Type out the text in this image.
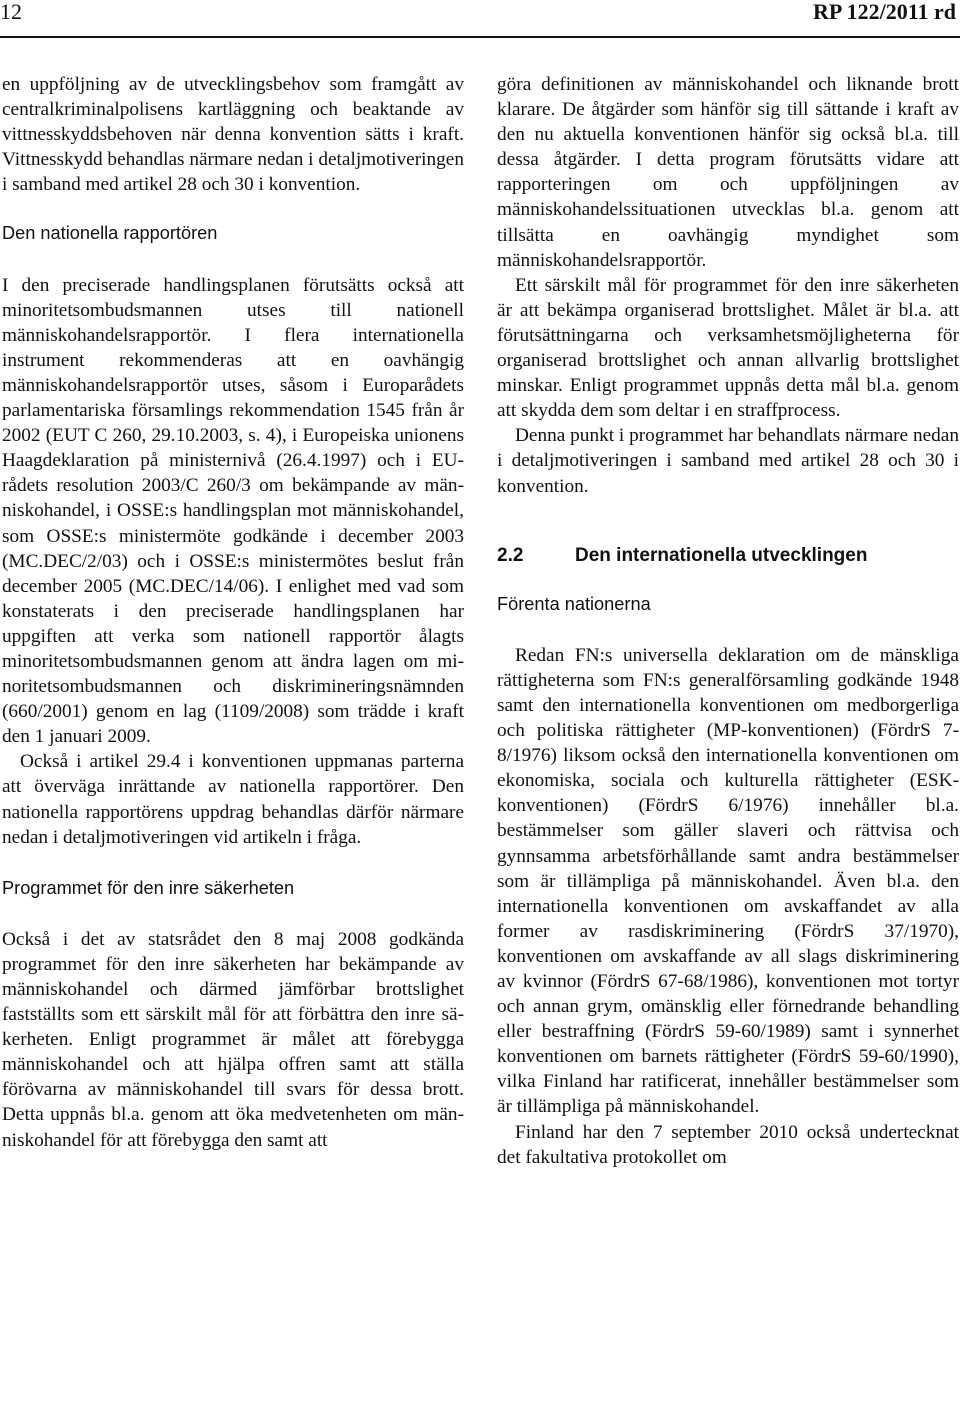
12	RP 122/2011 rd

en uppföljning av de utvecklingsbehov som framgått av centralkriminalpolisens kartläggning och beaktande av vittnesskyddsbehoven när denna konvention sätts i kraft. Vittnesskydd behandlas närmare nedan i detaljmotiveringen i samband med artikel 28 och 30 i konvention.

Den nationella rapportören

I den preciserade handlingsplanen förutsätts också att minoritetsombudsmannen utses till nationell människohandelsrapportör. I flera internationella instrument rekommenderas att en oavhängig människohandelsrapportör utses, såsom i Europarådets parlamentariska församlings rekommendation 1545 från år 2002 (EUT C 260, 29.10.2003, s. 4), i Europeiska unionens Haagdeklaration på ministernivå (26.4.1997) och i EU-rådets resolution 2003/C 260/3 om bekämpande av människohandel, i OSSE:s handlingsplan mot människohandel, som OSSE:s ministermöte godkände i december 2003 (MC.DEC/2/03) och i OSSE:s ministermötes beslut från december 2005 (MC.DEC/14/06). I enlighet med vad som konstaterats i den preciserade handlingsplanen har uppgiften att verka som nationell rapportör ålagts minoritetsombudsmannen genom att ändra lagen om minoritetsombudsmannen och diskrimineringsnämnden (660/2001) genom en lag (1109/2008) som trädde i kraft den 1 januari 2009.

Också i artikel 29.4 i konventionen uppmanas parterna att överväga inrättande av nationella rapportörer. Den nationella rapportörens uppdrag behandlas därför närmare nedan i detaljmotiveringen vid artikeln i fråga.

Programmet för den inre säkerheten

Också i det av statsrådet den 8 maj 2008 godkända programmet för den inre säkerheten har bekämpande av människohandel och därmed jämförbar brottslighet fastställts som ett särskilt mål för att förbättra den inre säkerheten. Enligt programmet är målet att förebygga människohandel och att hjälpa offren samt att ställa förövarna av människohandel till svars för dessa brott. Detta uppnås bl.a. genom att öka medvetenheten om människohandel för att förebygga den samt att

göra definitionen av människohandel och liknande brott klarare. De åtgärder som hänför sig till sättande i kraft av den nu aktuella konventionen hänför sig också bl.a. till dessa åtgärder. I detta program förutsätts vidare att rapporteringen om och uppföljningen av människohandelssituationen utvecklas bl.a. genom att tillsätta en oavhängig myndighet som människohandelsrapportör.

Ett särskilt mål för programmet för den inre säkerheten är att bekämpa organiserad brottslighet. Målet är bl.a. att förutsättningarna och verksamhetsmöjligheterna för organiserad brottslighet och annan allvarlig brottslighet minskar. Enligt programmet uppnås detta mål bl.a. genom att skydda dem som deltar i en straffprocess.

Denna punkt i programmet har behandlats närmare nedan i detaljmotiveringen i samband med artikel 28 och 30 i konvention.

2.2	Den internationella utvecklingen

Förenta nationerna

Redan FN:s universella deklaration om de mänskliga rättigheterna som FN:s generalförsamling godkände 1948 samt den internationella konventionen om medborgerliga och politiska rättigheter (MP-konventionen) (FördrS 7-8/1976) liksom också den internationella konventionen om ekonomiska, sociala och kulturella rättigheter (ESK-konventionen) (FördrS 6/1976) innehåller bl.a. bestämmelser som gäller slaveri och rättvisa och gynnsamma arbetsförhållande samt andra bestämmelser som är tillämpliga på människohandel. Även bl.a. den internationella konventionen om avskaffandet av alla former av rasdiskriminering (FördrS 37/1970), konventionen om avskaffande av all slags diskriminering av kvinnor (FördrS 67-68/1986), konventionen mot tortyr och annan grym, omänsklig eller förnedrande behandling eller bestraffning (FördrS 59-60/1989) samt i synnerhet konventionen om barnets rättigheter (FördrS 59-60/1990), vilka Finland har ratificerat, innehåller bestämmelser som är tillämpliga på människohandel.

Finland har den 7 september 2010 också undertecknat det fakultativa protokollet om
